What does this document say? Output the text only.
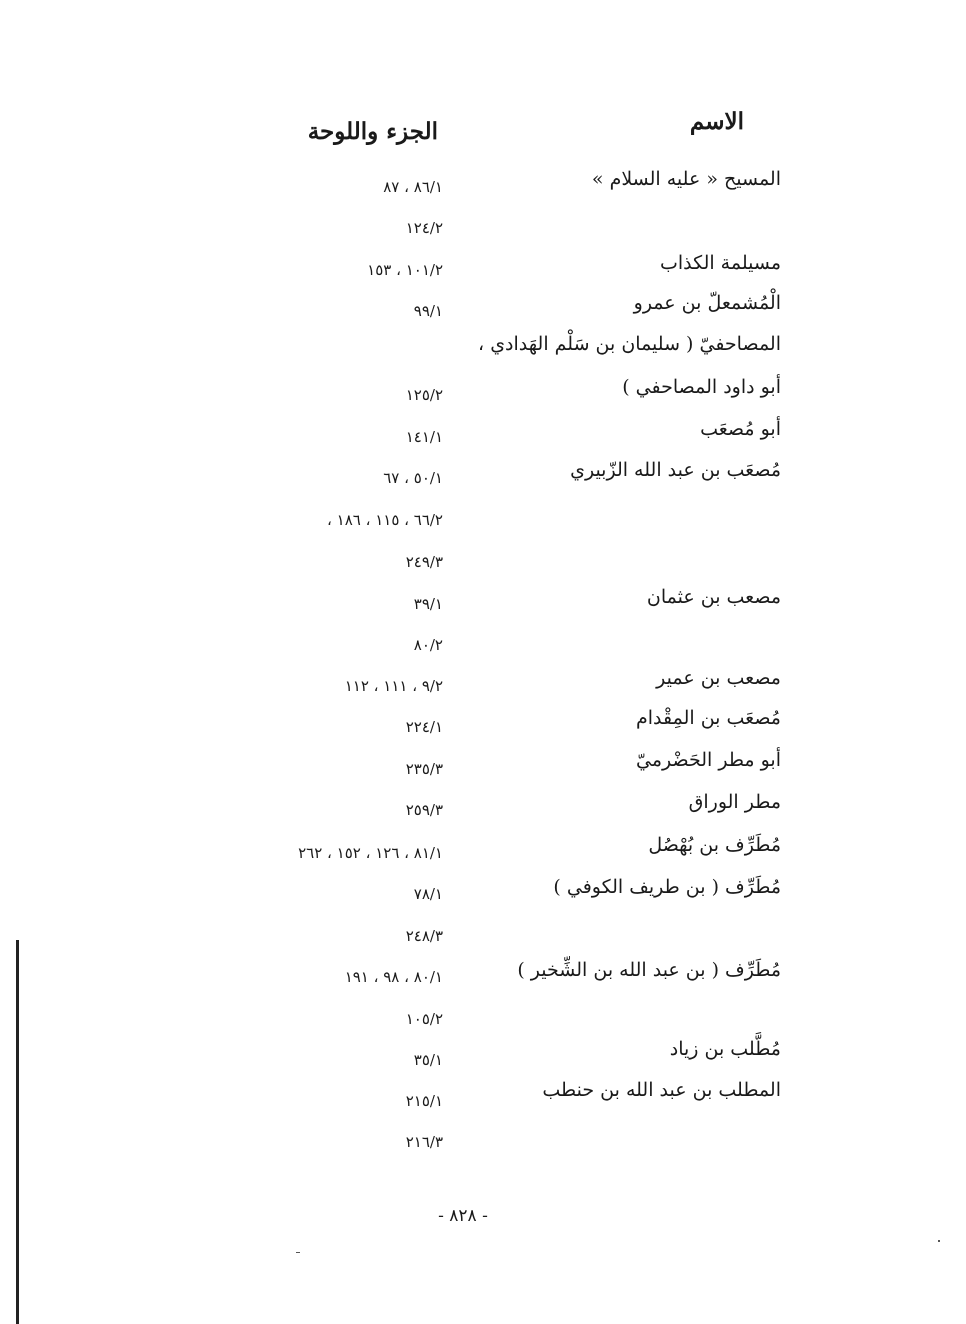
الاسم
الجزء واللوحة
المسيح « عليه السلام »
٨٦/١ ، ٨٧
١٢٤/٢
مسيلمة الكذاب
١٠١/٢ ، ١٥٣
الْمُشمعلّ بن عمرو
٩٩/١
المصاحفيّ ( سليمان بن سَلْم الهَدادي ،
أبو داود المصاحفي )
١٢٥/٢
أبو مُصعَب
١٤١/١
مُصعَب بن عبد الله الزّبيري
٥٠/١ ، ٦٧
٦٦/٢ ، ١١٥ ، ١٨٦ ،
٢٤٩/٣
مصعب بن عثمان
٣٩/١
٨٠/٢
مصعب بن عمير
٩/٢ ، ١١١ ، ١١٢
مُصعَب بن المِقْدام
٢٢٤/١
أبو مطر الحَضْرميّ
٢٣٥/٣
مطر الوراق
٢٥٩/٣
مُطَرِّف بن بُهْصُل
٨١/١ ، ١٢٦ ، ١٥٢ ، ٢٦٢
مُطَرِّف ( بن طريف الكوفي )
٧٨/١
٢٤٨/٣
مُطَرِّف ( بن عبد الله بن الشِّخير )
٨٠/١ ، ٩٨ ، ١٩١
١٠٥/٢
مُطَّلب بن زياد
٣٥/١
المطلب بن عبد الله بن حنطب
٢١٥/١
٢١٦/٣
- ٨٢٨ -
